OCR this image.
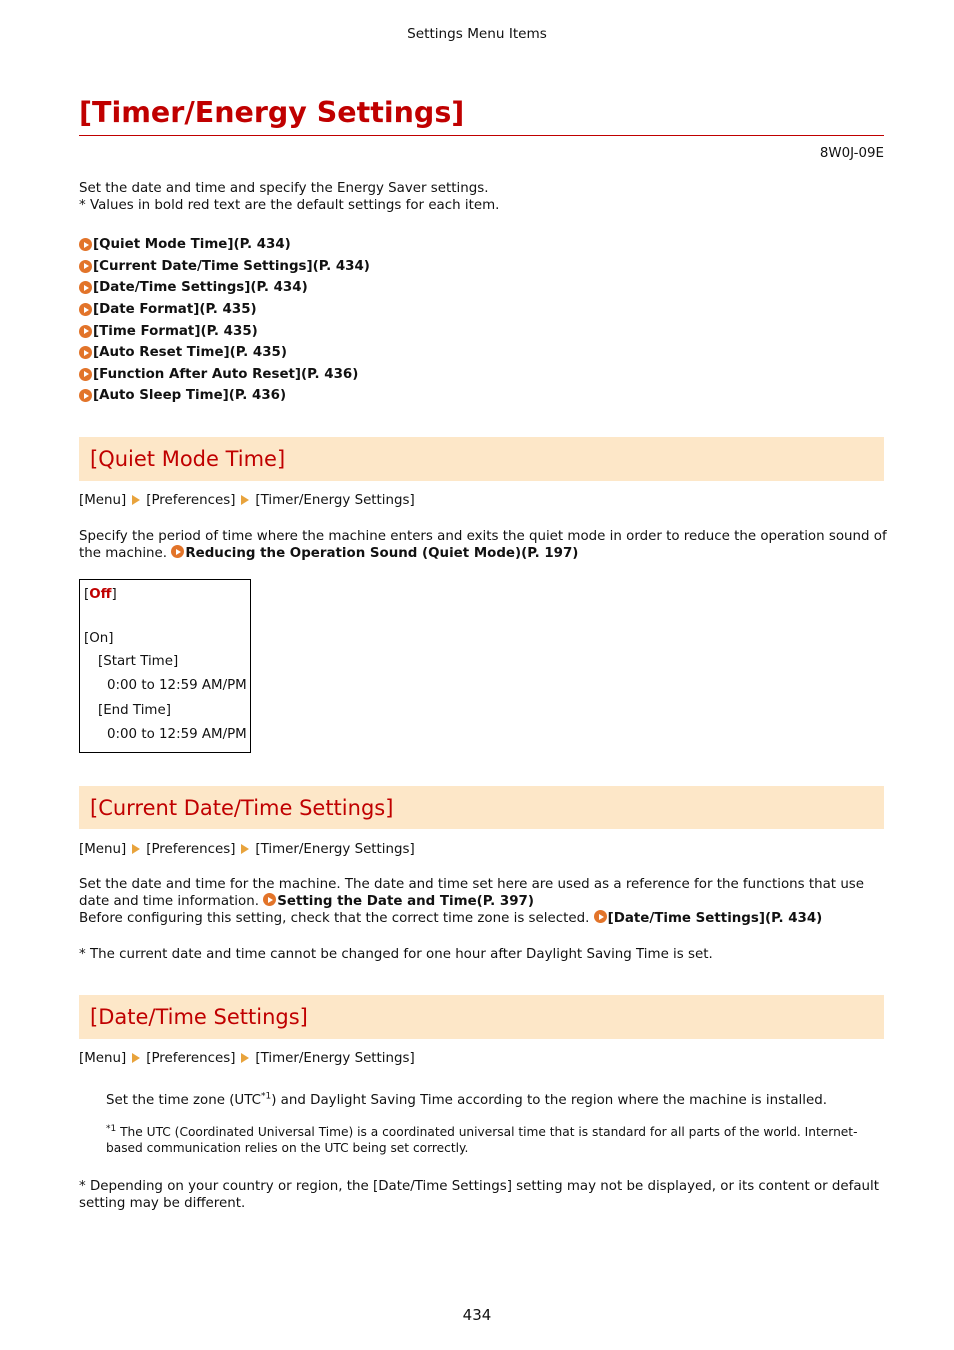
Settings Menu Items
[Timer/Energy Settings]
8W0J-09E

Set the date and time and specify the Energy Saver settings.

* Values in bold red text are the default settings for each item.

[Quiet Mode Time](P. 434)
[Current Date/Time Settings](P. 434)
[Date/Time Settings](P. 434)
[Date Format](P. 435)
[Time Format](P. 435)
[Auto Reset Time](P. 435)
[Function After Auto Reset](P. 436)
[Auto Sleep Time](P. 436)
[Quiet Mode Time]
[Menu] [Preferences] [Timer/Energy Settings]

Specify the period of time where the machine enters and exits the quiet mode in order to reduce the operation sound of the machine. Reducing the Operation Sound (Quiet Mode)(P. 197)

[Off]
[On]
[Start Time]
0:00 to 12:59 AM/PM
[End Time]
0:00 to 12:59 AM/PM
[Current Date/Time Settings]
[Menu] [Preferences] [Timer/Energy Settings]

Set the date and time for the machine. The date and time set here are used as a reference for the functions that use date and time information. Setting the Date and Time(P. 397)

Before configuring this setting, check that the correct time zone is selected. [Date/Time Settings](P. 434)

* The current date and time cannot be changed for one hour after Daylight Saving Time is set.
[Date/Time Settings]
[Menu] [Preferences] [Timer/Energy Settings]
Set the time zone (UTC$^{*1}$) and Daylight Saving Time according to the region where the machine is installed.
$^{*1}$ The UTC (Coordinated Universal Time) is a coordinated universal time that is standard for all parts of the world. Internet-based communication relies on the UTC being set correctly.
* Depending on your country or region, the [Date/Time Settings] setting may not be displayed, or its content or default setting may be different.
434
